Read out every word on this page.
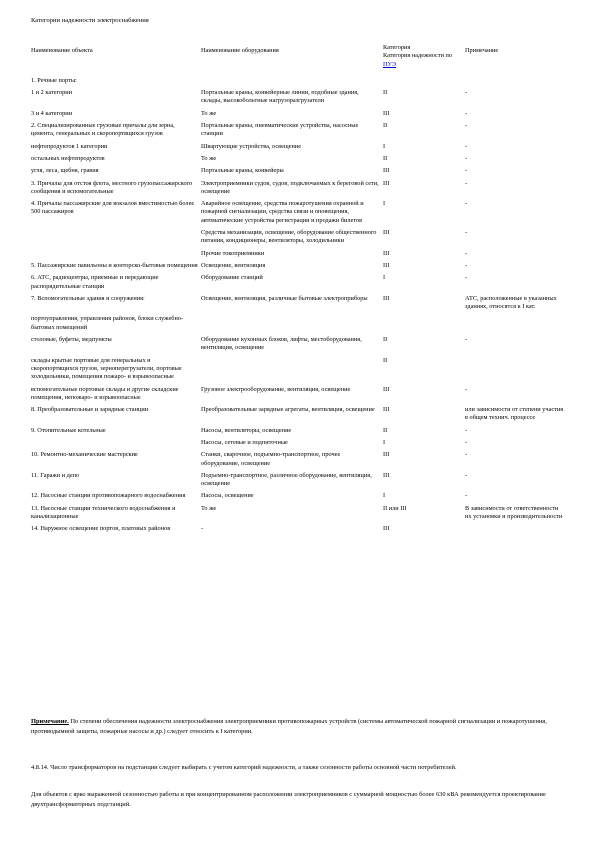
Категории надежности электроснабжения
Наименование объекта	Наименование оборудования	Категория
Категория надежности по ПУЭ	Примечание
1. Речные порты:			
1 и 2 категории	Портальные краны, конвейерные линии, подобные здания, склады, высокобольтные нагрузоразгрузатели	II	-
3 и 4 категории	То же	III	-
2. Специализированные грузовые причалы для зерна, цемента, генеральных и скоропортящихся грузов	Портальные краны, пневматические устройства, насосные станции	II	-
нефтепродуктов 1 категории	Швартующие устройства, освещение	I	-
остальных нефтепродуктов	То же	II	-
угля, леса, щебня, гравия	Портальные краны, конвейеры	III	-
3. Причалы для отстоя флота, местного грузопассажирского сообщения и вспомогательные	Электроприемники судов, судов, подключаемых к береговой сети, освещение	III	-
4. Причалы пассажирские для вокзалов вместимостью более 500 пассажиров	Аварийное освещение, средства пожаротушения охранной и пожарной сигнализации, средства связи и оповещения, автоматические устройства регистрации и продажи билетов	I	-
	Средства механизации, освещение, оборудование общественного питания, кондиционеры, вентиляторы, холодильники	III	-
	Прочие токоприемники	III	-
5. Пассажирские павильоны и конторско-бытовые помещения	Освещение, вентиляция	III	-
6. АТС, радиоцентры, приемные и передающие распорядительные станции	Оборудование станций	I	-
7. Вспомогательные здания и сооружения:	Освещение, вентиляция, различные бытовые электроприборы	III	АТС, расположенные в указанных зданиях, относятся к I кат.
портоуправления, управления районов, блоки служебно-бытовых помещений			
столовые, буфеты, медпункты	Оборудование кухонных блоков, лифты, местоборудования, вентиляция, освещение	II	-
склады крытые портовые для генеральных и скоропортящихся грузов, зерноперегрузатели, портовые холодильники, помещения пожаро- и взрывоопасные		II	
вспомогательные портовые склады и другие складские помещения, непожаро- и взрывоопасные	Грузовое электрооборудование, вентиляция, освещение	III	-
8. Преобразовательные и зарядные станции	Преобразовательные зарядные агрегаты, вентиляция, освещение	III	или зависимости от степени участия в общем технич. процессе
9. Отопительные котельные	Насосы, вентиляторы, освещение	II	-
	Насосы, сетевые и подпиточные	I	-
10. Ремонтно-механические мастерские	Станки, сварочное, подъемно-транспортное, прочее оборудование, освещение	III	-
11. Гаражи и депо	Подъемно-транспортное, различное оборудование, вентиляция, освещение	III	-
12. Насосные станции противопожарного водоснабжения	Насосы, освещение	I	-
13. Насосные станции технического водоснабжения и канализационные	То же	II или III	В зависимости от ответственности их установки и производительности
14. Наружное освещение портов, платовых районов	-	III	
Примечание. По степени обеспечения надежности электроснабжения электроприемники противопожарных устройств (системы автоматической пожарной сигнализации и пожаротушения, противодымной защиты, пожарные насосы и др.) следует относить к I категории.
4.8.14. Число трансформаторов на подстанции следует выбирать с учетом категорий надежности, а также сезонности работы основной части потребителей.
Для объектов с ярко выраженной сезонностью работы и при концентрированном расположении электроприемников с суммарной мощностью более 630 кВА рекомендуется проектирование двухтрансформаторных подстанций.
